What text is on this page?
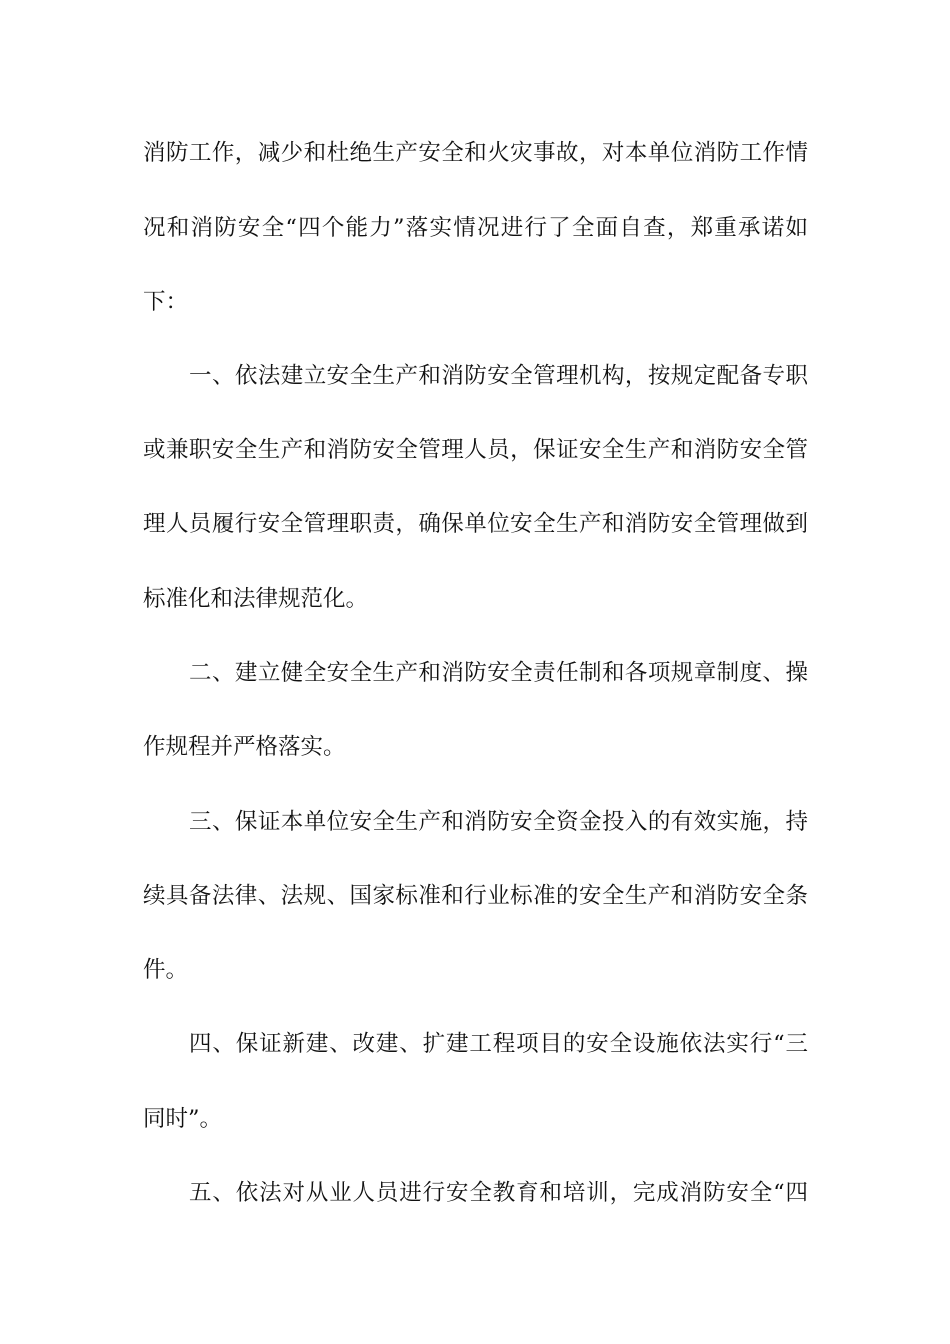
消防工作，减少和杜绝生产安全和火灾事故，对本单位消防工作情
况和消防安全“四个能力”落实情况进行了全面自查，郑重承诺如
下：
一、依法建立安全生产和消防安全管理机构，按规定配备专职
或兼职安全生产和消防安全管理人员，保证安全生产和消防安全管
理人员履行安全管理职责，确保单位安全生产和消防安全管理做到
标准化和法律规范化。
二、建立健全安全生产和消防安全责任制和各项规章制度、操
作规程并严格落实。
三、保证本单位安全生产和消防安全资金投入的有效实施，持
续具备法律、法规、国家标准和行业标准的安全生产和消防安全条
件。
四、保证新建、改建、扩建工程项目的安全设施依法实行“三
同时”。
五、依法对从业人员进行安全教育和培训，完成消防安全“四
